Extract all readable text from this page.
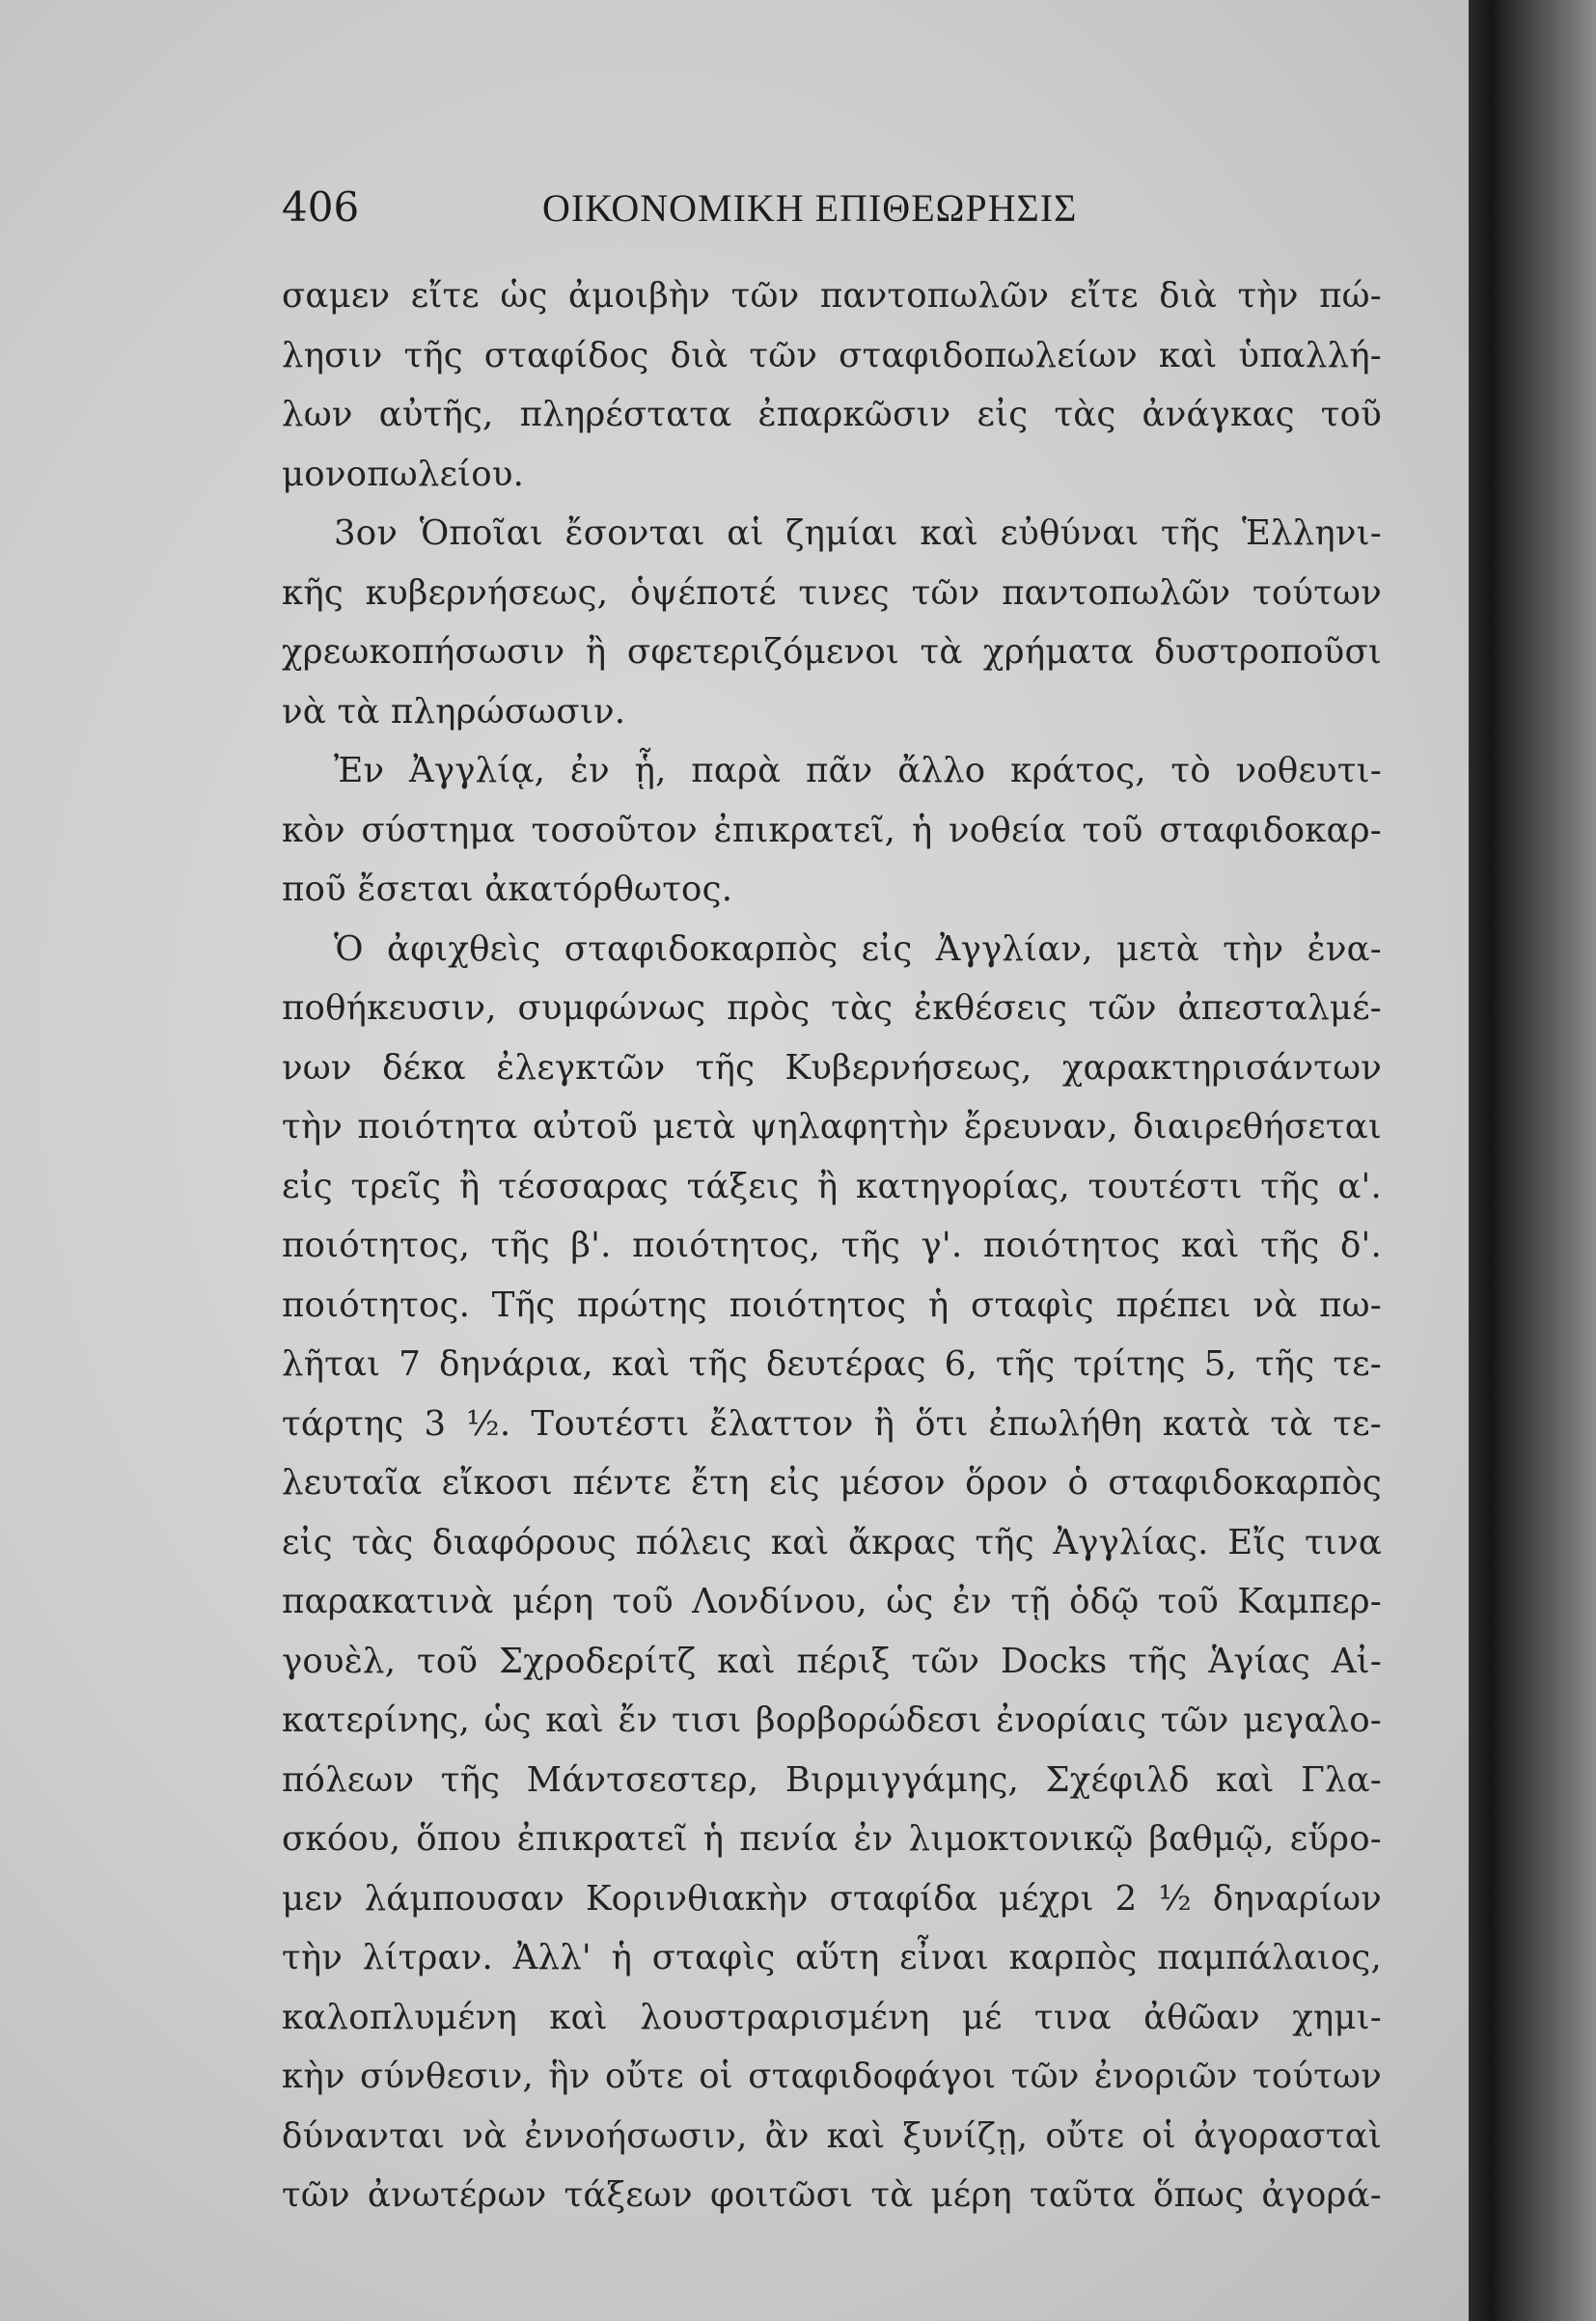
406	ΟΙΚΟΝΟΜΙΚΗ ΕΠΙΘΕΩΡΗΣΙΣ
σαμεν εἴτε ὡς ἀμοιβὴν τῶν παντοπωλῶν εἴτε διὰ τὴν πώ-
λησιν τῆς σταφίδος διὰ τῶν σταφιδοπωλείων καὶ ὑπαλλή-
λων αὐτῆς, πληρέστατα ἐπαρκῶσιν εἰς τὰς ἀνάγκας τοῦ
μονοπωλείου.
3ον Ὁποῖαι ἔσονται αἱ ζημίαι καὶ εὐθύναι τῆς Ἑλληνι-
κῆς κυβερνήσεως, ὁψέποτέ τινες τῶν παντοπωλῶν τούτων
χρεωκοπήσωσιν ἢ σφετεριζόμενοι τὰ χρήματα δυστροποῦσι
νὰ τὰ πληρώσωσιν.
Ἐν Ἀγγλίᾳ, ἐν ᾗ, παρὰ πᾶν ἄλλο κράτος, τὸ νοθευτι-
κὸν σύστημα τοσοῦτον ἐπικρατεῖ, ἡ νοθεία τοῦ σταφιδοκαρ-
ποῦ ἔσεται ἀκατόρθωτος.
Ὁ ἀφιχθεὶς σταφιδοκαρπὸς εἰς Ἀγγλίαν, μετὰ τὴν ἐνα-
ποθήκευσιν, συμφώνως πρὸς τὰς ἐκθέσεις τῶν ἀπεσταλμέ-
νων δέκα ἐλεγκτῶν τῆς Κυβερνήσεως, χαρακτηρισάντων
τὴν ποιότητα αὐτοῦ μετὰ ψηλαφητὴν ἔρευναν, διαιρεθήσεται
εἰς τρεῖς ἢ τέσσαρας τάξεις ἢ κατηγορίας, τουτέστι τῆς α'.
ποιότητος, τῆς β'. ποιότητος, τῆς γ'. ποιότητος καὶ τῆς δ'.
ποιότητος. Τῆς πρώτης ποιότητος ἡ σταφὶς πρέπει νὰ πω-
λῆται 7 δηνάρια, καὶ τῆς δευτέρας 6, τῆς τρίτης 5, τῆς τε-
τάρτης 3 ½. Τουτέστι ἔλαττον ἢ ὅτι ἐπωλήθη κατὰ τὰ τε-
λευταῖα εἴκοσι πέντε ἔτη εἰς μέσον ὅρον ὁ σταφιδοκαρπὸς
εἰς τὰς διαφόρους πόλεις καὶ ἄκρας τῆς Ἀγγλίας. Εἴς τινα
παρακατινὰ μέρη τοῦ Λονδίνου, ὡς ἐν τῇ ὁδῷ τοῦ Καμπερ-
γουὲλ, τοῦ Σχροδερίτζ καὶ πέριξ τῶν Docks τῆς Ἁγίας Αἰ-
κατερίνης, ὡς καὶ ἔν τισι βορβορώδεσι ἐνορίαις τῶν μεγαλο-
πόλεων τῆς Μάντσεστερ, Βιρμιγγάμης, Σχέφιλδ καὶ Γλα-
σκόου, ὅπου ἐπικρατεῖ ἡ πενία ἐν λιμοκτονικῷ βαθμῷ, εὕρο-
μεν λάμπουσαν Κορινθιακὴν σταφίδα μέχρι 2 ½ δηναρίων
τὴν λίτραν. Ἀλλ' ἡ σταφὶς αὕτη εἶναι καρπὸς παμπάλαιος,
καλοπλυμένη καὶ λουστραρισμένη μέ τινα ἀθῶαν χημι-
κὴν σύνθεσιν, ἣν οὔτε οἱ σταφιδοφάγοι τῶν ἐνοριῶν τούτων
δύνανται νὰ ἐννοήσωσιν, ἂν καὶ ξυνίζῃ, οὔτε οἱ ἀγορασταὶ
τῶν ἀνωτέρων τάξεων φοιτῶσι τὰ μέρη ταῦτα ὅπως ἀγορά-
